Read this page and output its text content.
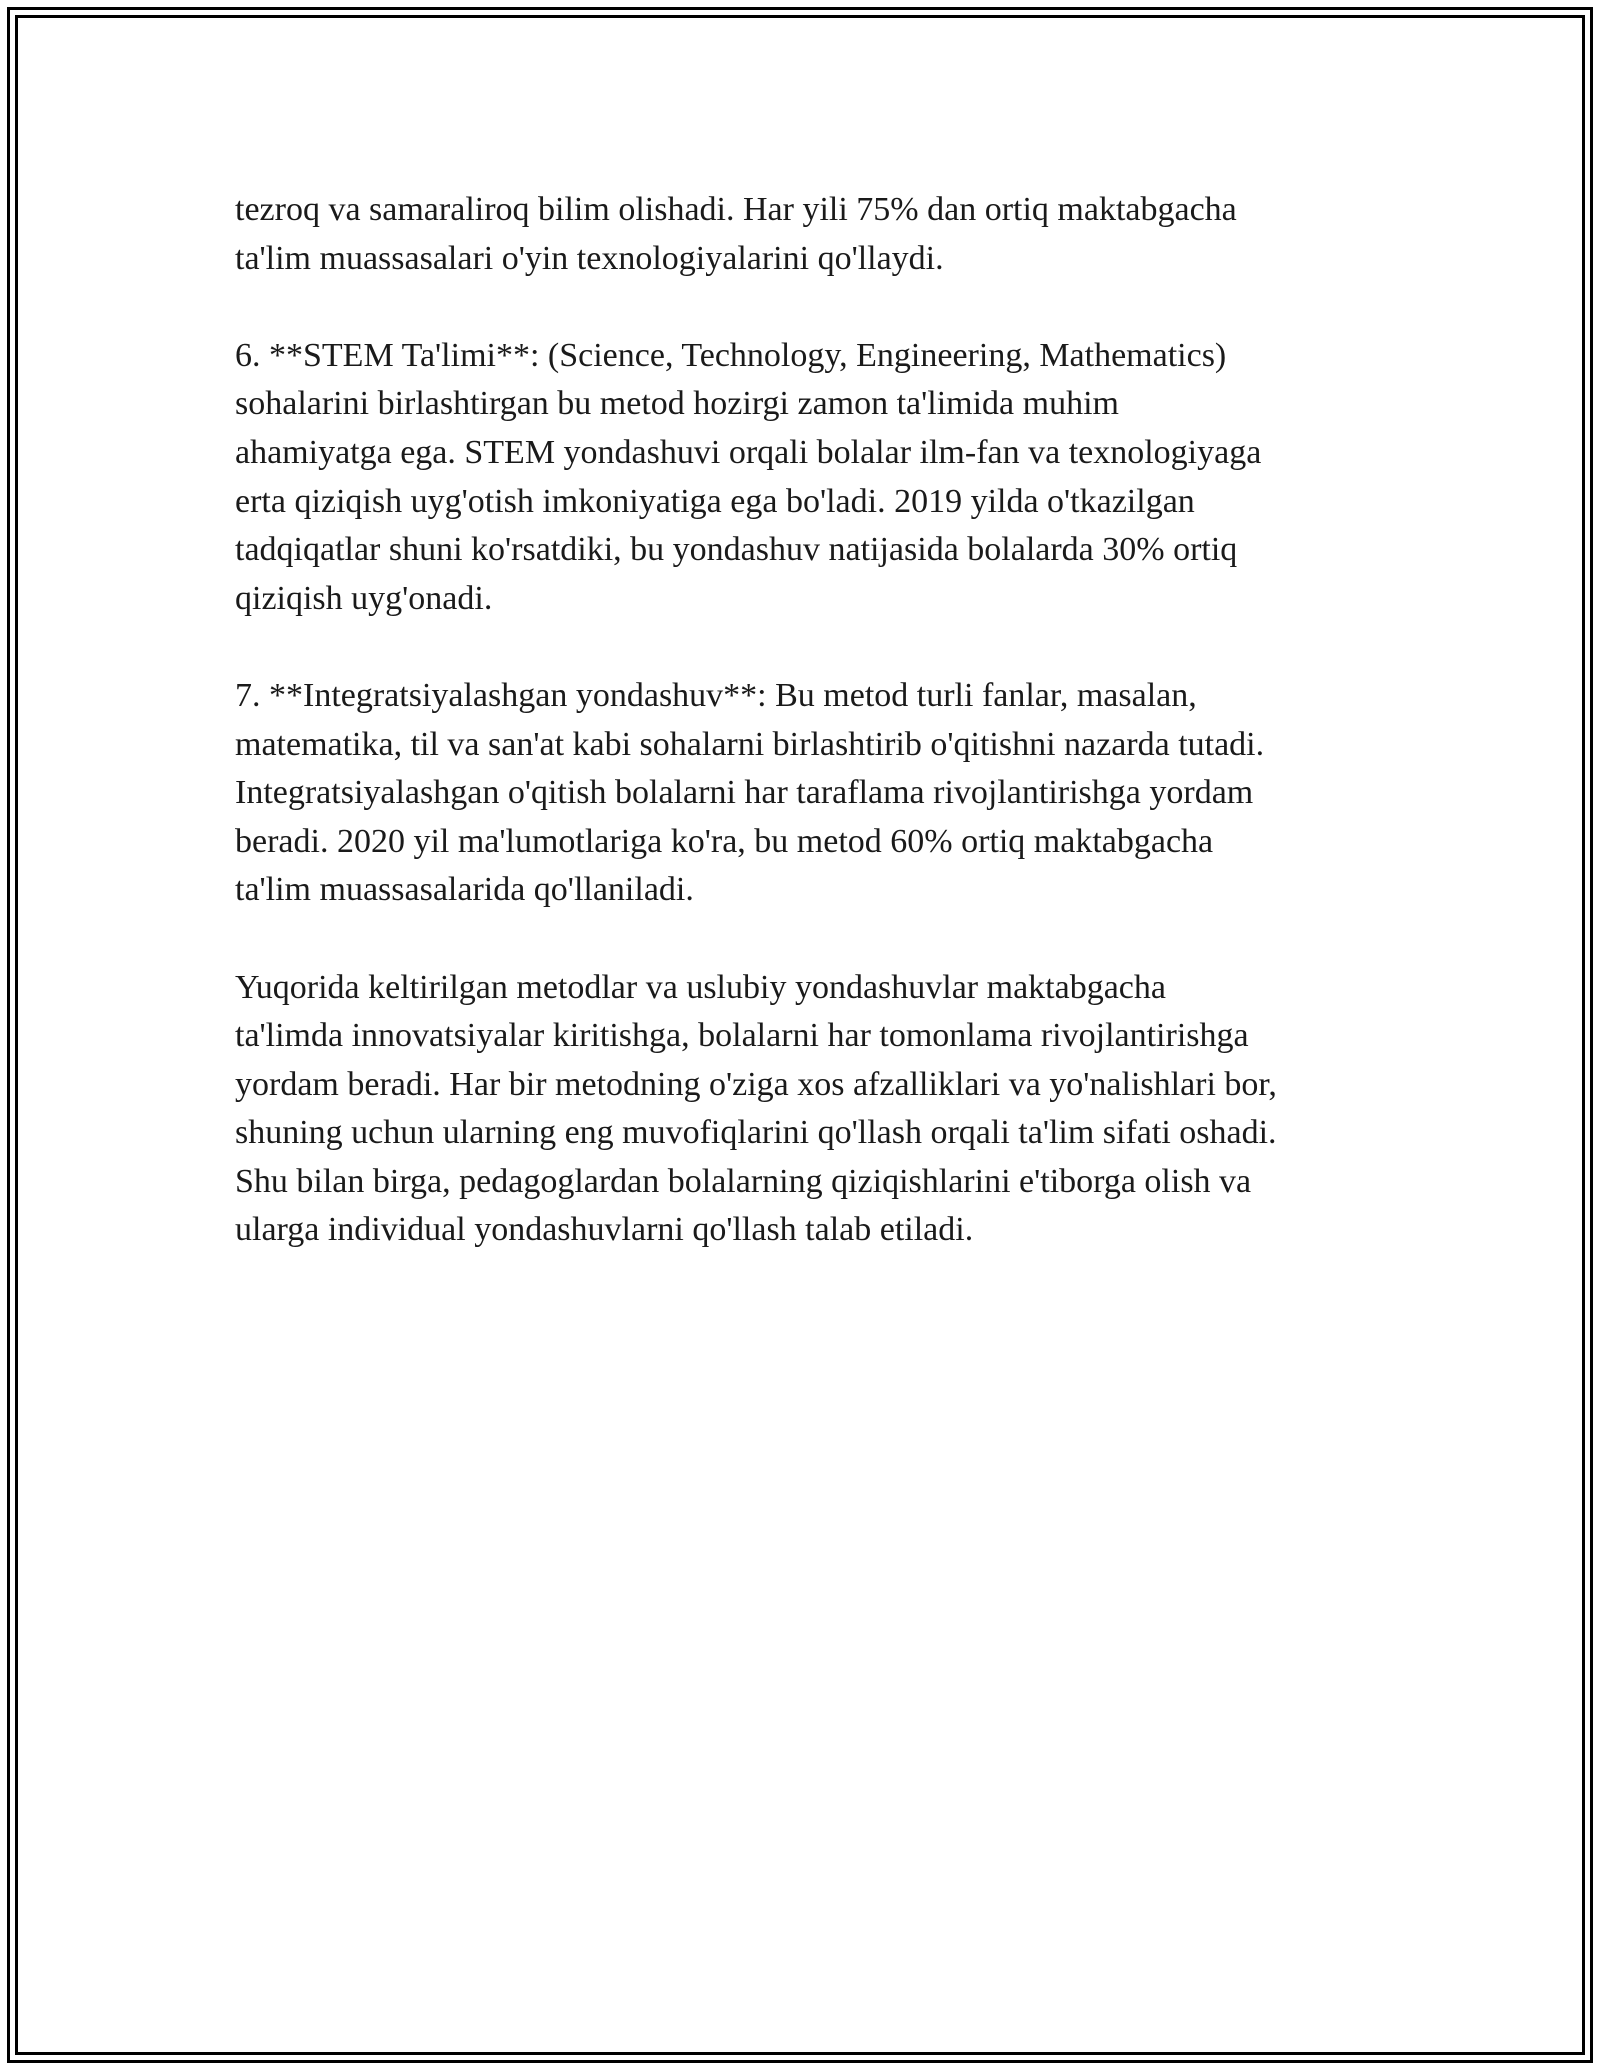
tezroq va samaraliroq bilim olishadi. Har yili 75% dan ortiq maktabgacha
ta'lim muassasalari o'yin texnologiyalarini qo'llaydi.
6. **STEM Ta'limi**: (Science, Technology, Engineering, Mathematics)
sohalarini birlashtirgan bu metod hozirgi zamon ta'limida muhim
ahamiyatga ega. STEM yondashuvi orqali bolalar ilm-fan va texnologiyaga
erta qiziqish uyg'otish imkoniyatiga ega bo'ladi. 2019 yilda o'tkazilgan
tadqiqatlar shuni ko'rsatdiki, bu yondashuv natijasida bolalarda 30% ortiq
qiziqish uyg'onadi.
7. **Integratsiyalashgan yondashuv**: Bu metod turli fanlar, masalan,
matematika, til va san'at kabi sohalarni birlashtirib o'qitishni nazarda tutadi.
Integratsiyalashgan o'qitish bolalarni har taraflama rivojlantirishga yordam
beradi. 2020 yil ma'lumotlariga ko'ra, bu metod 60% ortiq maktabgacha
ta'lim muassasalarida qo'llaniladi.
Yuqorida keltirilgan metodlar va uslubiy yondashuvlar maktabgacha
ta'limda innovatsiyalar kiritishga, bolalarni har tomonlama rivojlantirishga
yordam beradi. Har bir metodning o'ziga xos afzalliklari va yo'nalishlari bor,
shuning uchun ularning eng muvofiqlarini qo'llash orqali ta'lim sifati oshadi.
Shu bilan birga, pedagoglardan bolalarning qiziqishlarini e'tiborga olish va
ularga individual yondashuvlarni qo'llash talab etiladi.
